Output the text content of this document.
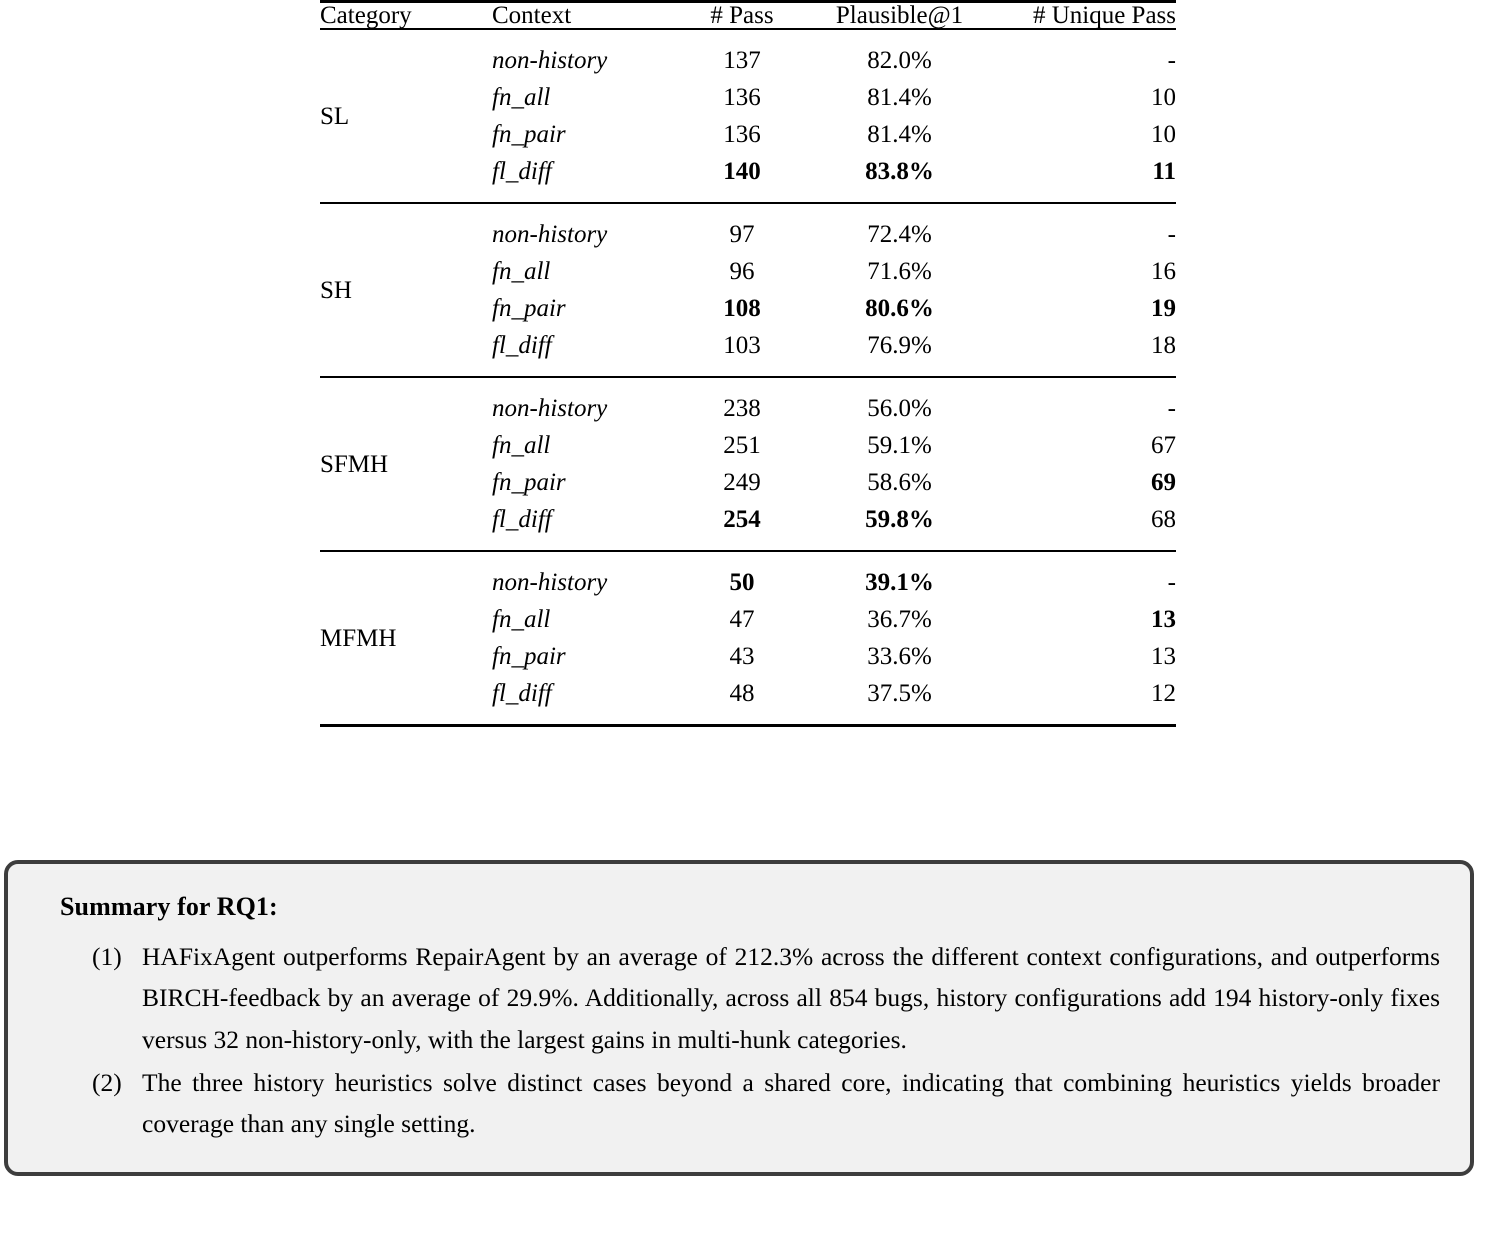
Category	Context	# Pass	Plausible@1	# Unique Pass

SL	non-history	137	82.0%	-
	fn_all	136	81.4%	10
	fn_pair	136	81.4%	10
	fl_diff	140	83.8%	11

SH	non-history	97	72.4%	-
	fn_all	96	71.6%	16
	fn_pair	108	80.6%	19
	fl_diff	103	76.9%	18

SFMH	non-history	238	56.0%	-
	fn_all	251	59.1%	67
	fn_pair	249	58.6%	69
	fl_diff	254	59.8%	68

MFMH	non-history	50	39.1%	-
	fn_all	47	36.7%	13
	fn_pair	43	33.6%	13
	fl_diff	48	37.5%	12

Summary for RQ1:
(1) HAFixAgent outperforms RepairAgent by an average of 212.3% across the different context configurations, and outperforms BIRCH-feedback by an average of 29.9%. Additionally, across all 854 bugs, history configurations add 194 history-only fixes versus 32 non-history-only, with the largest gains in multi-hunk categories.
(2) The three history heuristics solve distinct cases beyond a shared core, indicating that combining heuristics yields broader coverage than any single setting.
